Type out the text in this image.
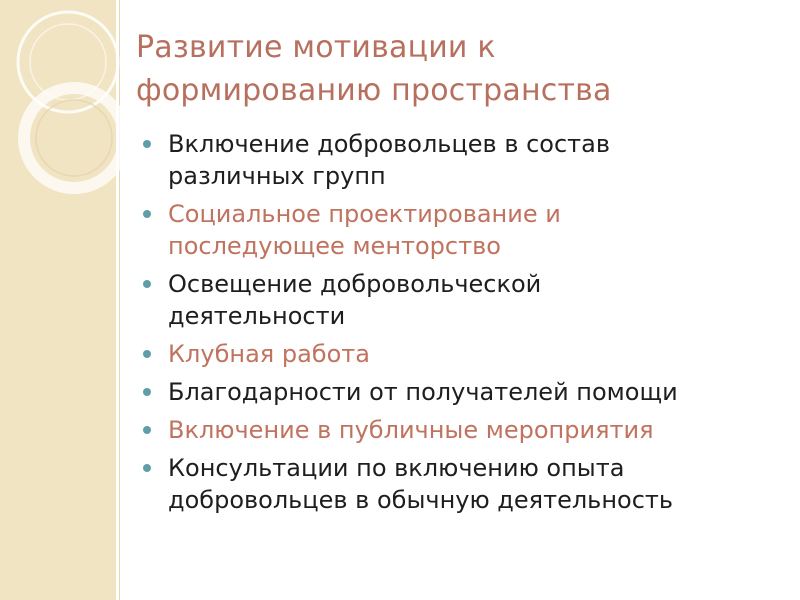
Развитие мотивации к
формированию пространства
Включение добровольцев в состав
различных групп
Социальное проектирование и
последующее менторство
Освещение добровольческой
деятельности
Клубная работа
Благодарности от получателей помощи
Включение в публичные мероприятия
Консультации по включению опыта
добровольцев в обычную деятельность
